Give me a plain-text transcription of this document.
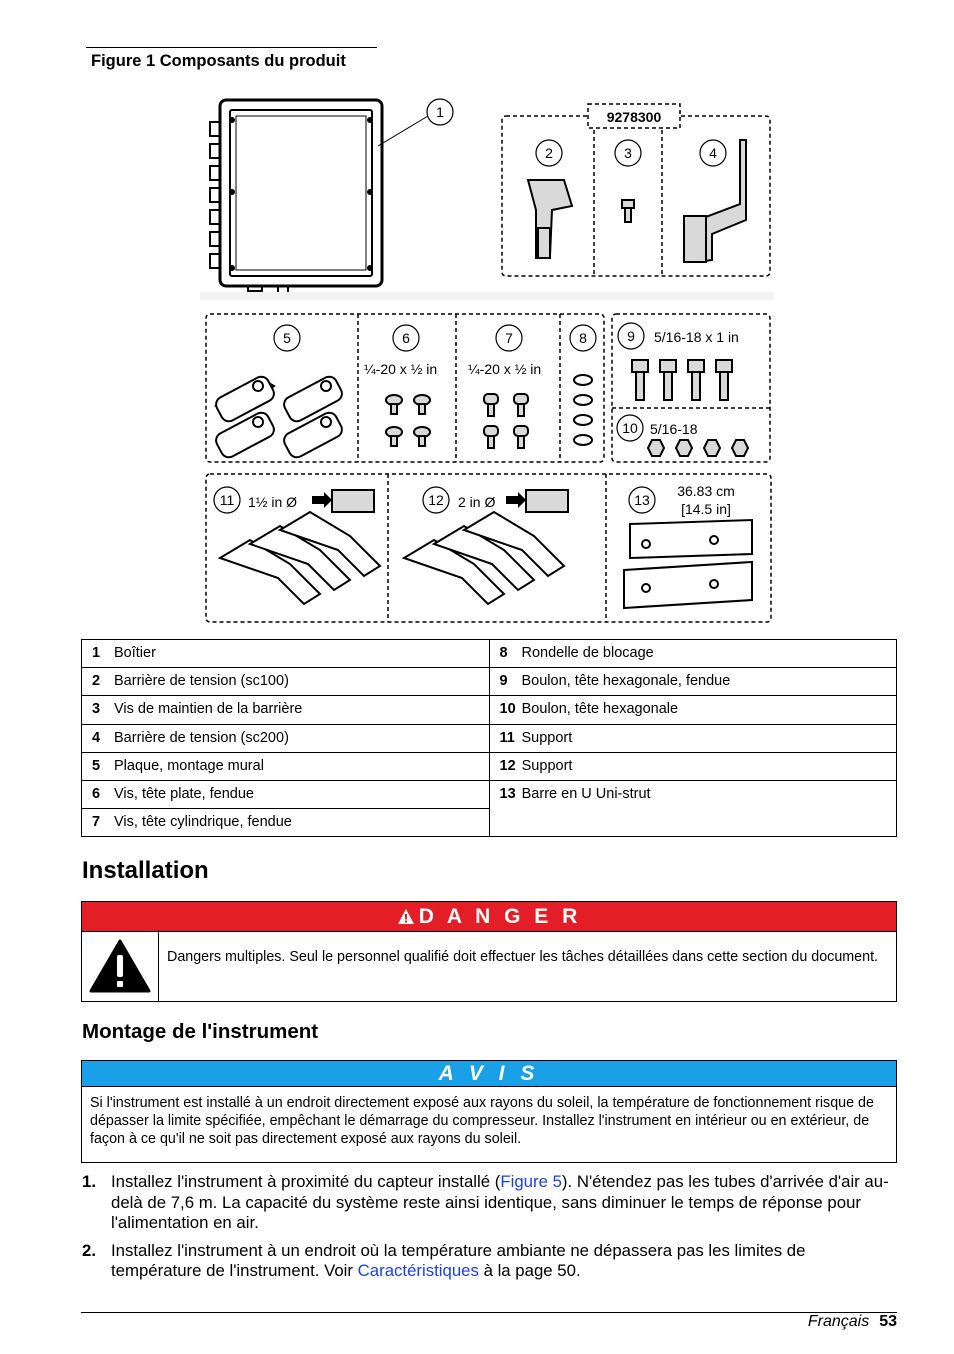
Figure 1 Composants du produit
1
2	3	4
5	6	7	8	9
10
11	12	13
9278300
¼-20 x ½ in ¼-20 x ½ in
5/16-18 x 1 in
5/16-18
1½ in Ø	2 in Ø
36.83 cm
[14.5 in]
1 Boîtier	8 Rondelle de blocage
2 Barrière de tension (sc100)	9 Boulon, tête hexagonale, fendue
3 Vis de maintien de la barrière	10 Boulon, tête hexagonale
4 Barrière de tension (sc200)	11 Support
5 Plaque, montage mural	12 Support
6 Vis, tête plate, fendue	13 Barre en U Uni-strut
7 Vis, tête cylindrique, fendue	
Installation
D A N G E R
Dangers multiples. Seul le personnel qualifié doit effectuer les tâches détaillées dans cette section du document.
Montage de l'instrument
A V I S
Si l'instrument est installé à un endroit directement exposé aux rayons du soleil, la température de fonctionnement risque de dépasser la limite spécifiée, empêchant le démarrage du compresseur. Installez l'instrument en intérieur ou en extérieur, de façon à ce qu'il ne soit pas directement exposé aux rayons du soleil.
1. Installez l'instrument à proximité du capteur installé (Figure 5). N'étendez pas les tubes d'arrivée d'air au-delà de 7,6 m. La capacité du système reste ainsi identique, sans diminuer le temps de réponse pour l'alimentation en air.
2. Installez l'instrument à un endroit où la température ambiante ne dépassera pas les limites de température de l'instrument. Voir Caractéristiques à la page 50.
Français 53
